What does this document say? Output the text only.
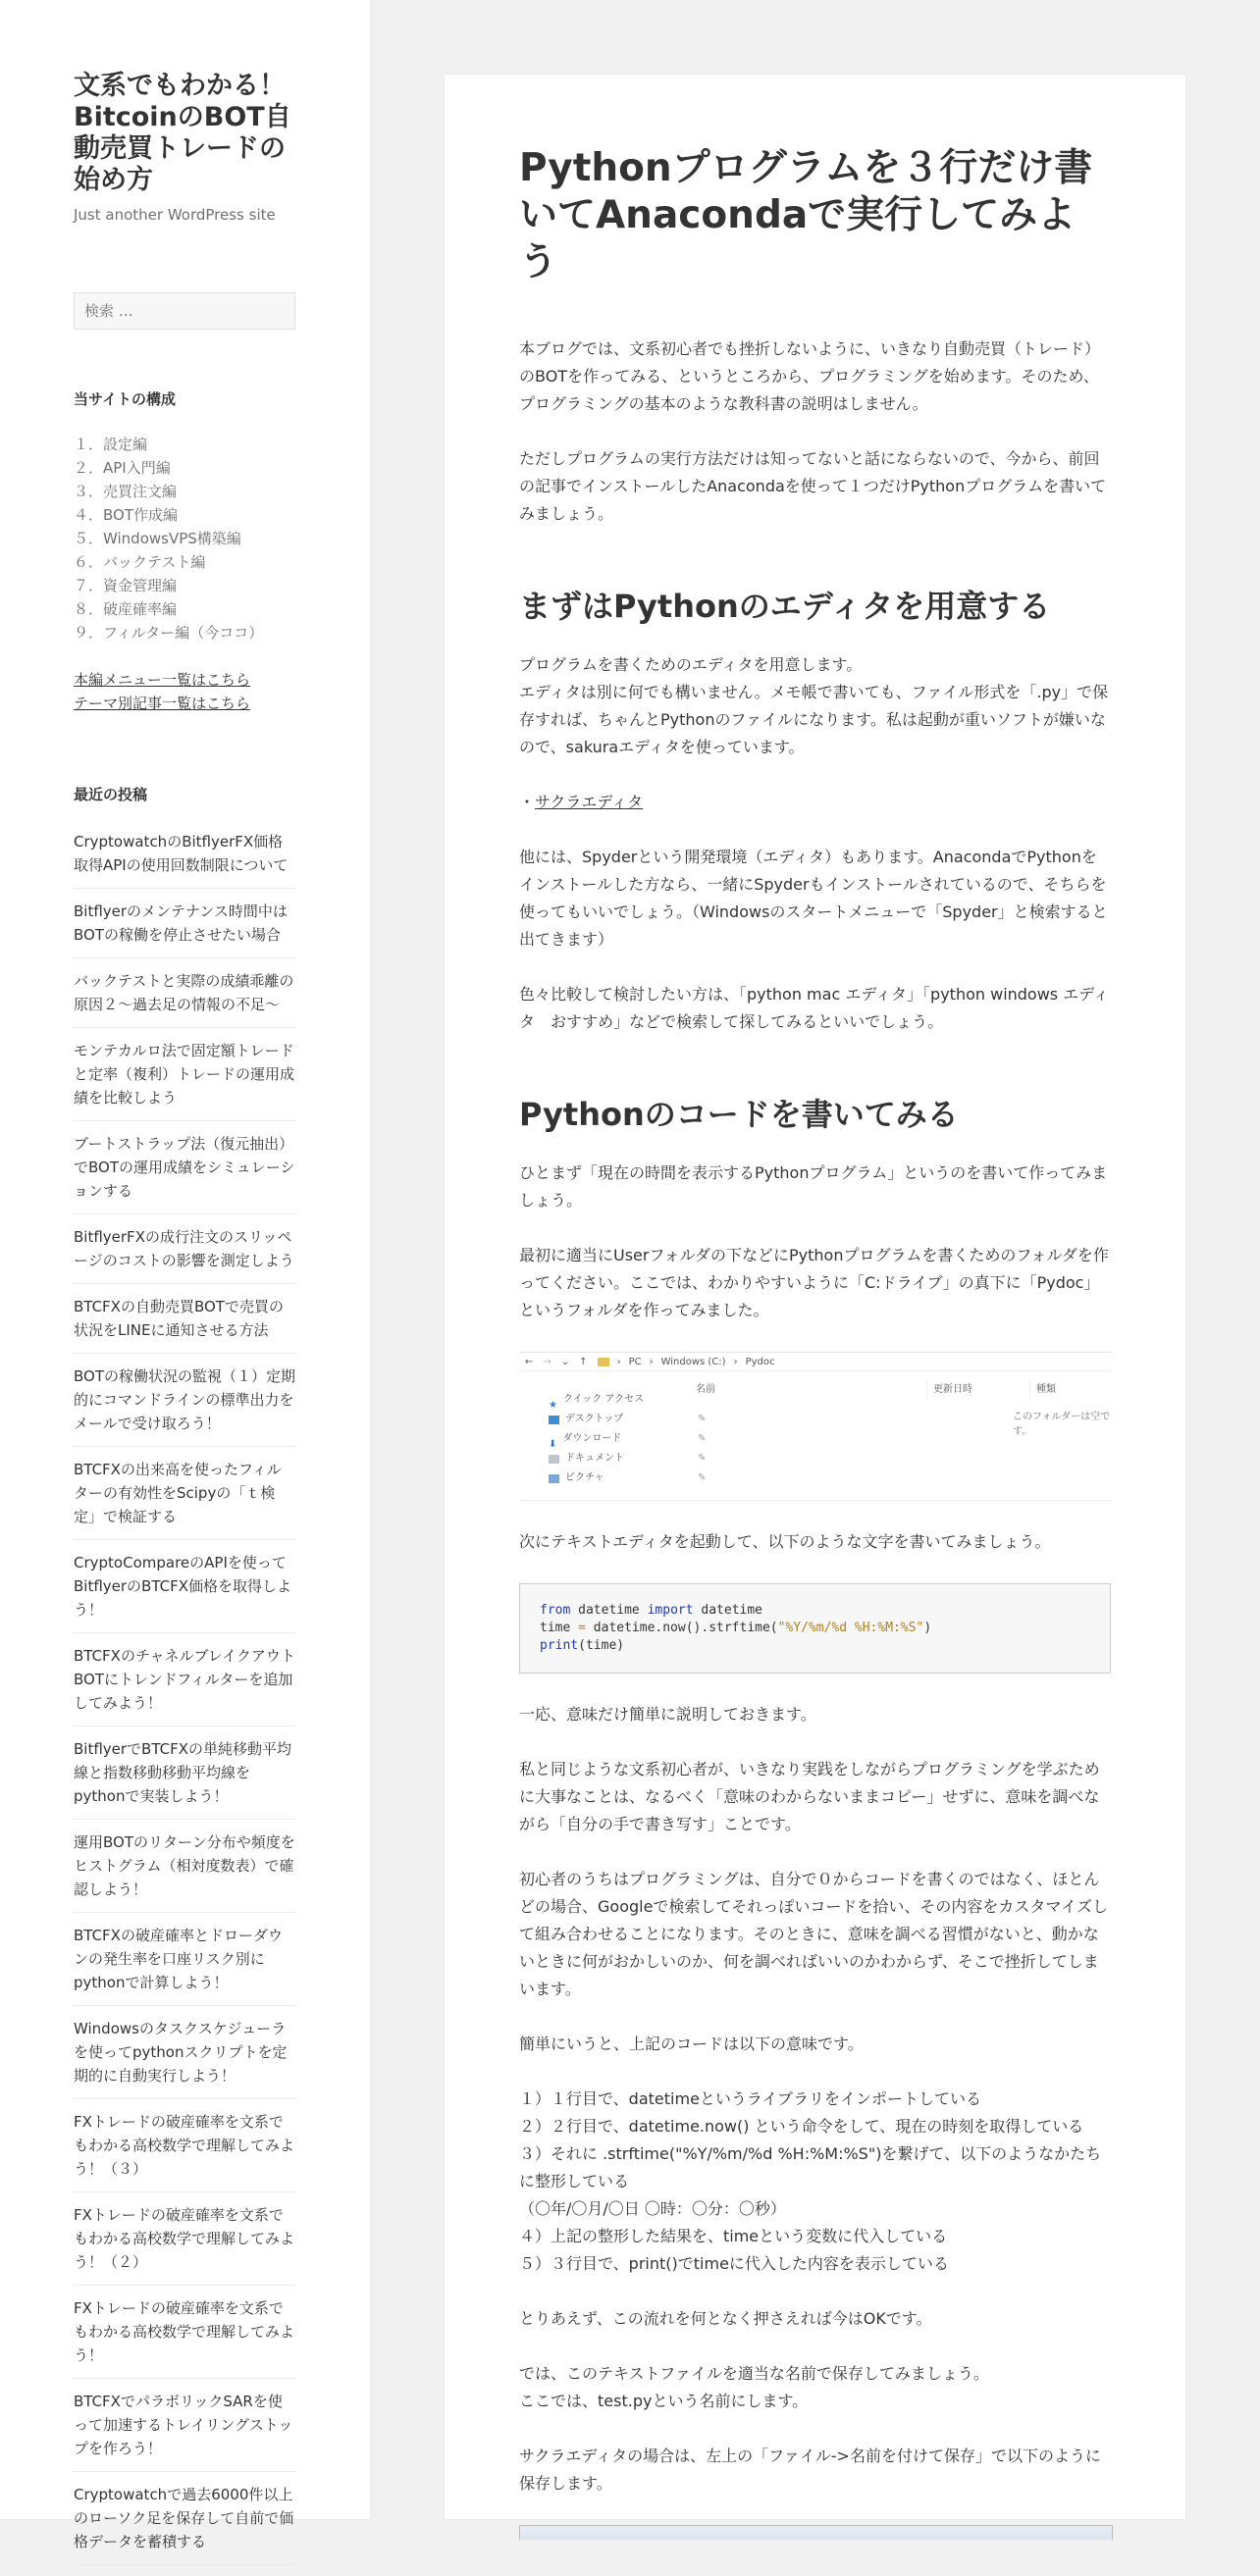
文系でもわかる！BitcoinのBOT自動売買トレードの始め方
Just another WordPress site
検索 …
当サイトの構成
１．設定編
２．API入門編
３．売買注文編
４．BOT作成編
５．WindowsVPS構築編
６．バックテスト編
７．資金管理編
８．破産確率編
９．フィルター編（今ココ）
本編メニュー一覧はこちら
テーマ別記事一覧はこちら
最近の投稿
CryptowatchのBitflyerFX価格取得APIの使用回数制限について
Bitflyerのメンテナンス時間中はBOTの稼働を停止させたい場合
バックテストと実際の成績乖離の原因２～過去足の情報の不足～
モンテカルロ法で固定額トレードと定率（複利）トレードの運用成績を比較しよう
ブートストラップ法（復元抽出）でBOTの運用成績をシミュレーションする
BitflyerFXの成行注文のスリッページのコストの影響を測定しよう
BTCFXの自動売買BOTで売買の状況をLINEに通知させる方法
BOTの稼働状況の監視（１）定期的にコマンドラインの標準出力をメールで受け取ろう！
BTCFXの出来高を使ったフィルターの有効性をScipyの「ｔ検定」で検証する
CryptoCompareのAPIを使ってBitflyerのBTCFX価格を取得しよう！
BTCFXのチャネルブレイクアウトBOTにトレンドフィルターを追加してみよう！
BitflyerでBTCFXの単純移動平均線と指数移動移動平均線をpythonで実装しよう！
運用BOTのリターン分布や頻度をヒストグラム（相対度数表）で確認しよう！
BTCFXの破産確率とドローダウンの発生率を口座リスク別にpythonで計算しよう！
Windowsのタスクスケジューラを使ってpythonスクリプトを定期的に自動実行しよう！
FXトレードの破産確率を文系でもわかる高校数学で理解してみよう！（３）
FXトレードの破産確率を文系でもわかる高校数学で理解してみよう！（２）
FXトレードの破産確率を文系でもわかる高校数学で理解してみよう！
BTCFXでパラボリックSARを使って加速するトレイリングストップを作ろう！
Cryptowatchで過去6000件以上のローソク足を保存して自前で価格データを蓄積する
Pythonプログラムを３行だけ書いてAnacondaで実行してみよう

本ブログでは、文系初心者でも挫折しないように、いきなり自動売買（トレード）のBOTを作ってみる、というところから、プログラミングを始めます。そのため、プログラミングの基本のような教科書の説明はしません。

ただしプログラムの実行方法だけは知ってないと話にならないので、今から、前回の記事でインストールしたAnacondaを使って１つだけPythonプログラムを書いてみましょう。

まずはPythonのエディタを用意する

プログラムを書くためのエディタを用意します。
エディタは別に何でも構いません。メモ帳で書いても、ファイル形式を「.py」で保存すれば、ちゃんとPythonのファイルになります。私は起動が重いソフトが嫌いなので、sakuraエディタを使っています。

・サクラエディタ

他には、Spyderという開発環境（エディタ）もあります。AnacondaでPythonをインストールした方なら、一緒にSpyderもインストールされているので、そちらを使ってもいいでしょう。（Windowsのスタートメニューで「Spyder」と検索すると出てきます）

色々比較して検討したい方は、「python mac エディタ」「python windows エディタ　おすすめ」などで検索して探してみるといいでしょう。

Pythonのコードを書いてみる

ひとまず「現在の時間を表示するPythonプログラム」というのを書いて作ってみましょう。

最初に適当にUserフォルダの下などにPythonプログラムを書くためのフォルダを作ってください。ここでは、わかりやすいように「C:ドライブ」の真下に「Pydoc」というフォルダを作ってみました。

← → ⌄ ↑	› PC › Windows (C:) › Pydoc
★ クイック アクセス
デスクトップ	✎
⬇ ダウンロード	✎
ドキュメント	✎
ピクチャ	✎
名前	更新日時	種類
このフォルダーは空です。

次にテキストエディタを起動して、以下のような文字を書いてみましょう。

from datetime import datetime
time = datetime.now().strftime("%Y/%m/%d %H:%M:%S")
print(time)

一応、意味だけ簡単に説明しておきます。

私と同じような文系初心者が、いきなり実践をしながらプログラミングを学ぶために大事なことは、なるべく「意味のわからないままコピー」せずに、意味を調べながら「自分の手で書き写す」ことです。

初心者のうちはプログラミングは、自分で０からコードを書くのではなく、ほとんどの場合、Googleで検索してそれっぽいコードを拾い、その内容をカスタマイズして組み合わせることになります。そのときに、意味を調べる習慣がないと、動かないときに何がおかしいのか、何を調べればいいのかわからず、そこで挫折してしまいます。

簡単にいうと、上記のコードは以下の意味です。

１）１行目で、datetimeというライブラリをインポートしている
２）２行目で、datetime.now() という命令をして、現在の時刻を取得している
３）それに .strftime("%Y/%m/%d %H:%M:%S")を繋げて、以下のようなかたちに整形している
（〇年/〇月/〇日 〇時：〇分：〇秒）
４）上記の整形した結果を、timeという変数に代入している
５）３行目で、print()でtimeに代入した内容を表示している

とりあえず、この流れを何となく押さえれば今はOKです。

では、このテキストファイルを適当な名前で保存してみましょう。
ここでは、test.pyという名前にします。

サクラエディタの場合は、左上の「ファイル->名前を付けて保存」で以下のように保存します。
